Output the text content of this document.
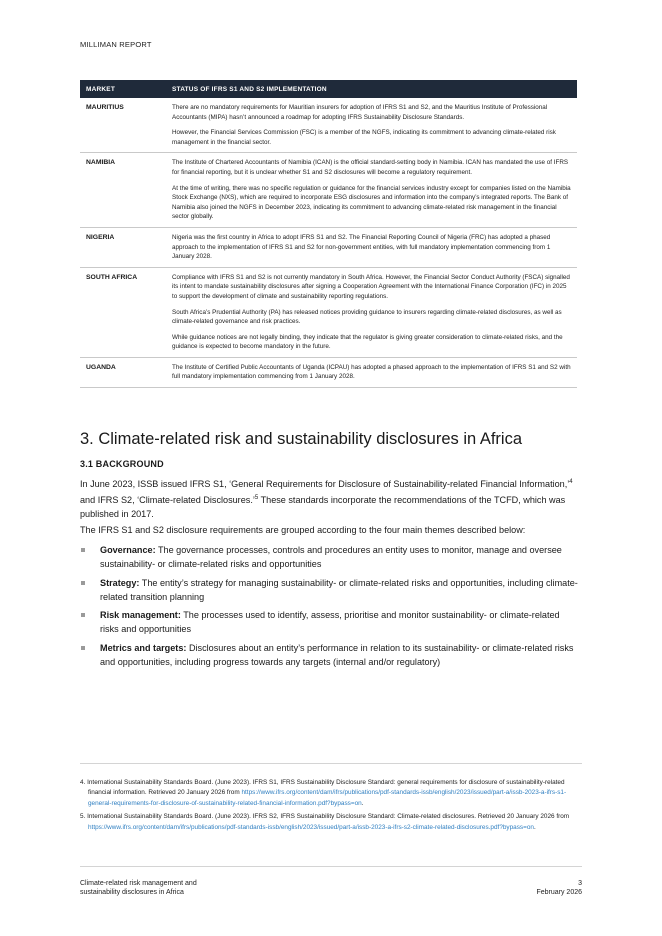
MILLIMAN REPORT
MARKET	STATUS OF IFRS S1 AND S2 IMPLEMENTATION
MAURITIUS	There are no mandatory requirements for Mauritian insurers for adoption of IFRS S1 and S2, and the Mauritius Institute of Professional Accountants (MIPA) hasn’t announced a roadmap for adopting IFRS Sustainability Disclosure Standards.

However, the Financial Services Commission (FSC) is a member of the NGFS, indicating its commitment to advancing climate-related risk management in the financial sector.

NAMIBIA	The Institute of Chartered Accountants of Namibia (ICAN) is the official standard-setting body in Namibia. ICAN has mandated the use of IFRS for financial reporting, but it is unclear whether S1 and S2 disclosures will become a regulatory requirement.

At the time of writing, there was no specific regulation or guidance for the financial services industry except for companies listed on the Namibia Stock Exchange (NXS), which are required to incorporate ESG disclosures and information into the company’s integrated reports. The Bank of Namibia also joined the NGFS in December 2023, indicating its commitment to advancing climate-related risk management in the financial sector globally.

NIGERIA	Nigeria was the first country in Africa to adopt IFRS S1 and S2. The Financial Reporting Council of Nigeria (FRC) has adopted a phased approach to the implementation of IFRS S1 and S2 for non-government entities, with full mandatory implementation commencing from 1 January 2028.

SOUTH AFRICA	Compliance with IFRS S1 and S2 is not currently mandatory in South Africa. However, the Financial Sector Conduct Authority (FSCA) signalled its intent to mandate sustainability disclosures after signing a Cooperation Agreement with the International Finance Corporation (IFC) in 2025 to support the development of climate and sustainability reporting regulations.

South Africa’s Prudential Authority (PA) has released notices providing guidance to insurers regarding climate-related disclosures, as well as climate-related governance and risk practices.

While guidance notices are not legally binding, they indicate that the regulator is giving greater consideration to climate-related risks, and the guidance is expected to become mandatory in the future.

UGANDA	The Institute of Certified Public Accountants of Uganda (ICPAU) has adopted a phased approach to the implementation of IFRS S1 and S2 with full mandatory implementation commencing from 1 January 2028.

3. Climate-related risk and sustainability disclosures in Africa
3.1 BACKGROUND

In June 2023, ISSB issued IFRS S1, ‘General Requirements for Disclosure of Sustainability-related Financial Information,’$^4$ and IFRS S2, ‘Climate-related Disclosures.’$^5$ These standards incorporate the recommendations of the TCFD, which was published in 2017.

The IFRS S1 and S2 disclosure requirements are grouped according to the four main themes described below:

Governance: The governance processes, controls and procedures an entity uses to monitor, manage and oversee sustainability- or climate-related risks and opportunities
Strategy: The entity’s strategy for managing sustainability- or climate-related risks and opportunities, including climate-related transition planning
Risk management: The processes used to identify, assess, prioritise and monitor sustainability- or climate-related risks and opportunities
Metrics and targets: Disclosures about an entity’s performance in relation to its sustainability- or climate-related risks and opportunities, including progress towards any targets (internal and/or regulatory)
4. International Sustainability Standards Board. (June 2023). IFRS S1, IFRS Sustainability Disclosure Standard: general requirements for disclosure of sustainability-related financial information. Retrieved 20 January 2026 from https://www.ifrs.org/content/dam/ifrs/publications/pdf-standards-issb/english/2023/issued/part-a/issb-2023-a-ifrs-s1-general-requirements-for-disclosure-of-sustainability-related-financial-information.pdf?bypass=on.
5. International Sustainability Standards Board. (June 2023). IFRS S2, IFRS Sustainability Disclosure Standard: Climate-related disclosures. Retrieved 20 January 2026 from https://www.ifrs.org/content/dam/ifrs/publications/pdf-standards-issb/english/2023/issued/part-a/issb-2023-a-ifrs-s2-climate-related-disclosures.pdf?bypass=on.
Climate-related risk management and
sustainability disclosures in Africa
3
February 2026
